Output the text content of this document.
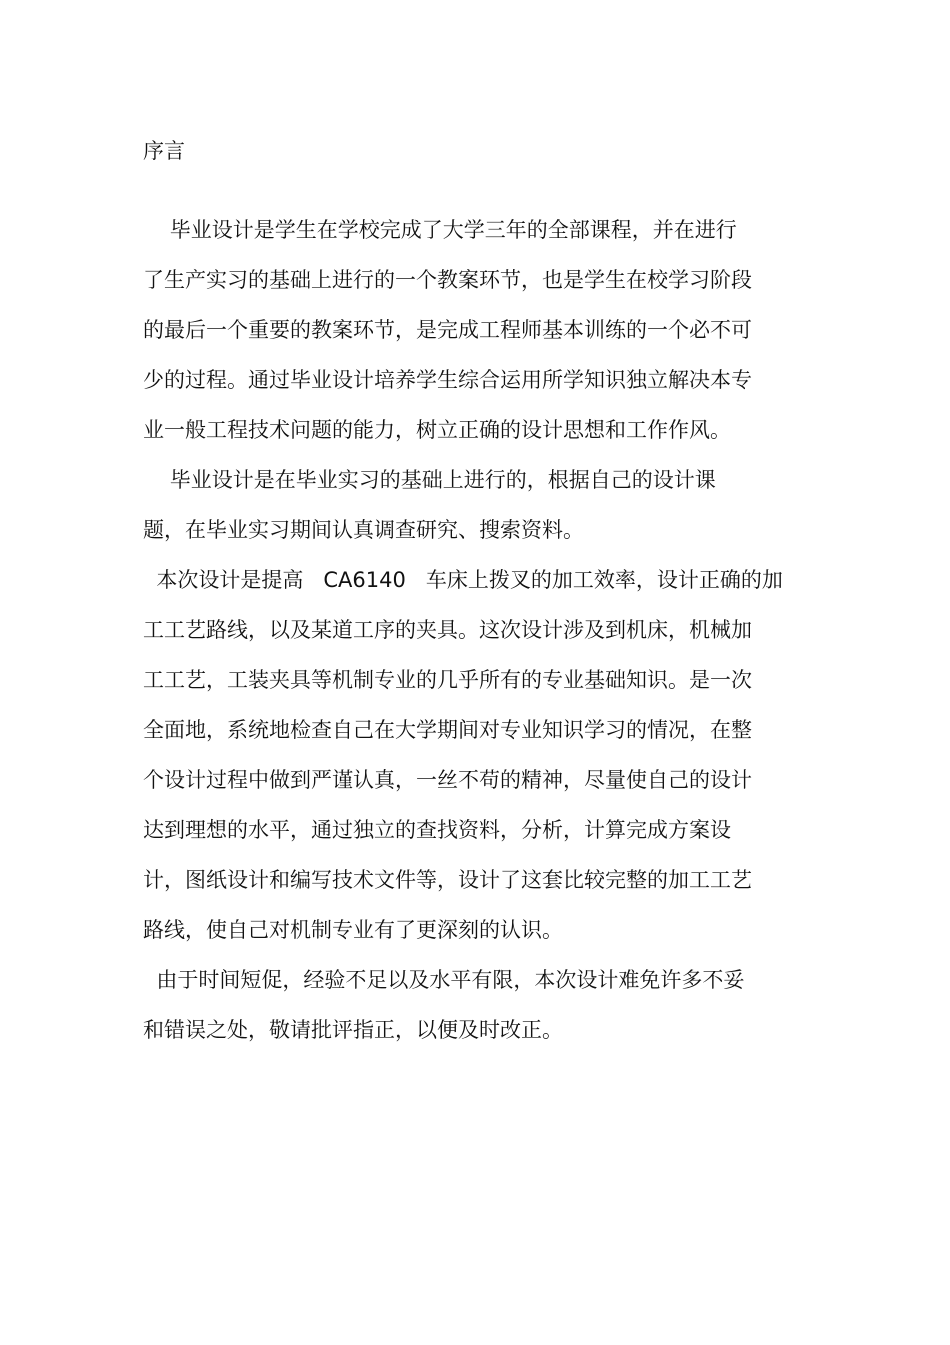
序言
毕业设计是学生在学校完成了大学三年的全部课程，并在进行
了生产实习的基础上进行的一个教案环节，也是学生在校学习阶段
的最后一个重要的教案环节，是完成工程师基本训练的一个必不可
少的过程。通过毕业设计培养学生综合运用所学知识独立解决本专
业一般工程技术问题的能力，树立正确的设计思想和工作作风。
毕业设计是在毕业实习的基础上进行的，根据自己的设计课
题，在毕业实习期间认真调查研究、搜索资料。
本次设计是提高   CA6140   车床上拨叉的加工效率，设计正确的加
工工艺路线，以及某道工序的夹具。这次设计涉及到机床，机械加
工工艺，工装夹具等机制专业的几乎所有的专业基础知识。是一次
全面地，系统地检查自己在大学期间对专业知识学习的情况，在整
个设计过程中做到严谨认真，一丝不苟的精神，尽量使自己的设计
达到理想的水平，通过独立的查找资料，分析，计算完成方案设
计，图纸设计和编写技术文件等，设计了这套比较完整的加工工艺
路线，使自己对机制专业有了更深刻的认识。
由于时间短促，经验不足以及水平有限，本次设计难免许多不妥
和错误之处，敬请批评指正，以便及时改正。
